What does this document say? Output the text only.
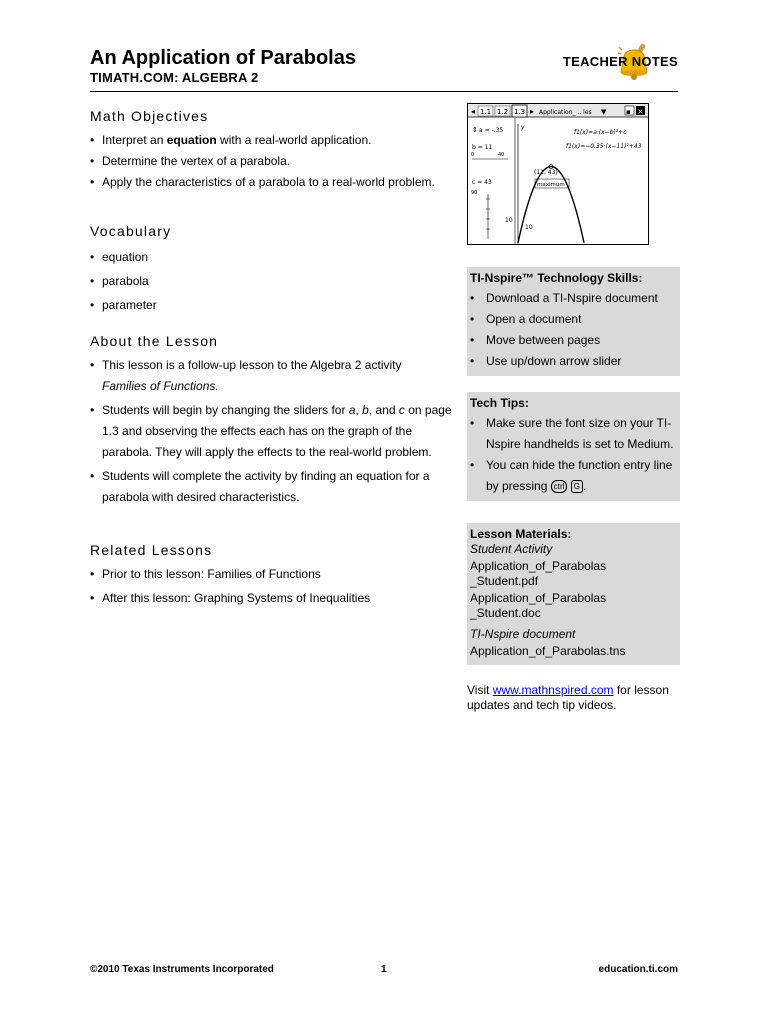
An Application of Parabolas
TIMATH.COM: ALGEBRA 2
TEACHER NOTES
Math Objectives
• Interpret an equation with a real-world application.
• Determine the vertex of a parabola.
• Apply the characteristics of a parabola to a real-world problem.
Vocabulary
• equation
• parabola
• parameter
About the Lesson
• This lesson is a follow-up lesson to the Algebra 2 activity
Families of Functions.
• Students will begin by changing the sliders for a, b, and c on page 1.3 and observing the effects each has on the graph of the parabola. They will apply the effects to the real-world problem.
• Students will complete the activity by finding an equation for a parabola with desired characteristics.
Related Lessons
• Prior to this lesson: Families of Functions
• After this lesson: Graphing Systems of Inequalities
◂ 1.1 1.2 1.3 ▸ Application_ .. les ▼	▪ ✕
⇕ a = -.35
b = 11
0	40
c = 43
90
y
10
10
f1(x)=a·(x−b)²+c
f1(x)=−0.35·(x−11)²+43
(11, 43)
maximum
TI-Nspire™ Technology Skills:
• Download a TI-Nspire document
• Open a document
• Move between pages
• Use up/down arrow slider
Tech Tips:
• Make sure the font size on your TI-Nspire handhelds is set to Medium.
• You can hide the function entry line by pressing ctrl G .
Lesson Materials:
Student Activity
Application_of_Parabolas
_Student.pdf
Application_of_Parabolas
_Student.doc
TI-Nspire document
Application_of_Parabolas.tns
Visit www.mathnspired.com for lesson updates and tech tip videos.
©2010 Texas Instruments Incorporated	1	education.ti.com
